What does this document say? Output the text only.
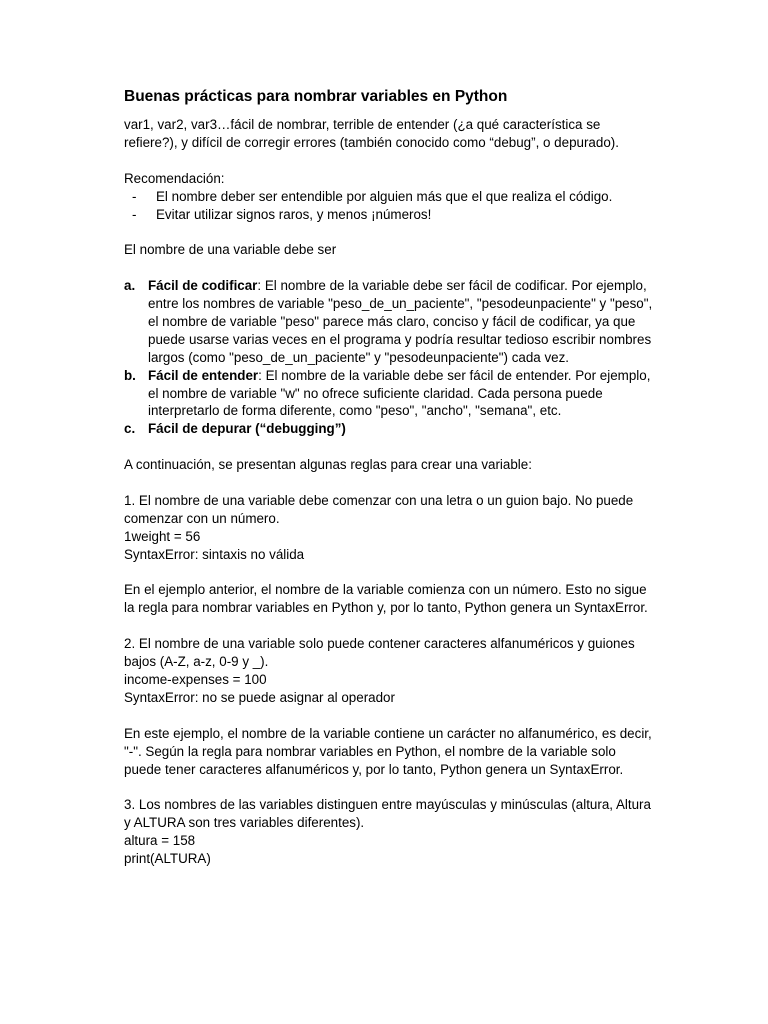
Buenas prácticas para nombrar variables en Python

var1, var2, var3…fácil de nombrar, terrible de entender (¿a qué característica se refiere?), y difícil de corregir errores (también conocido como “debug”, o depurado).

Recomendación:

- El nombre deber ser entendible por alguien más que el que realiza el código.
- Evitar utilizar signos raros, y menos ¡números!

El nombre de una variable debe ser

a. Fácil de codificar: El nombre de la variable debe ser fácil de codificar. Por ejemplo, entre los nombres de variable "peso_de_un_paciente", "pesodeunpaciente" y "peso", el nombre de variable "peso" parece más claro, conciso y fácil de codificar, ya que puede usarse varias veces en el programa y podría resultar tedioso escribir nombres largos (como "peso_de_un_paciente" y "pesodeunpaciente") cada vez.
b. Fácil de entender: El nombre de la variable debe ser fácil de entender. Por ejemplo, el nombre de variable "w" no ofrece suficiente claridad. Cada persona puede interpretarlo de forma diferente, como "peso", "ancho", "semana", etc.
c. Fácil de depurar (“debugging”)

A continuación, se presentan algunas reglas para crear una variable:

1. El nombre de una variable debe comenzar con una letra o un guion bajo. No puede comenzar con un número.

1weight = 56

SyntaxError: sintaxis no válida

En el ejemplo anterior, el nombre de la variable comienza con un número. Esto no sigue la regla para nombrar variables en Python y, por lo tanto, Python genera un SyntaxError.

2. El nombre de una variable solo puede contener caracteres alfanuméricos y guiones bajos (A-Z, a-z, 0-9 y _).

income-expenses = 100

SyntaxError: no se puede asignar al operador

En este ejemplo, el nombre de la variable contiene un carácter no alfanumérico, es decir, "-". Según la regla para nombrar variables en Python, el nombre de la variable solo puede tener caracteres alfanuméricos y, por lo tanto, Python genera un SyntaxError.

3. Los nombres de las variables distinguen entre mayúsculas y minúsculas (altura, Altura y ALTURA son tres variables diferentes).

altura = 158

print(ALTURA)
